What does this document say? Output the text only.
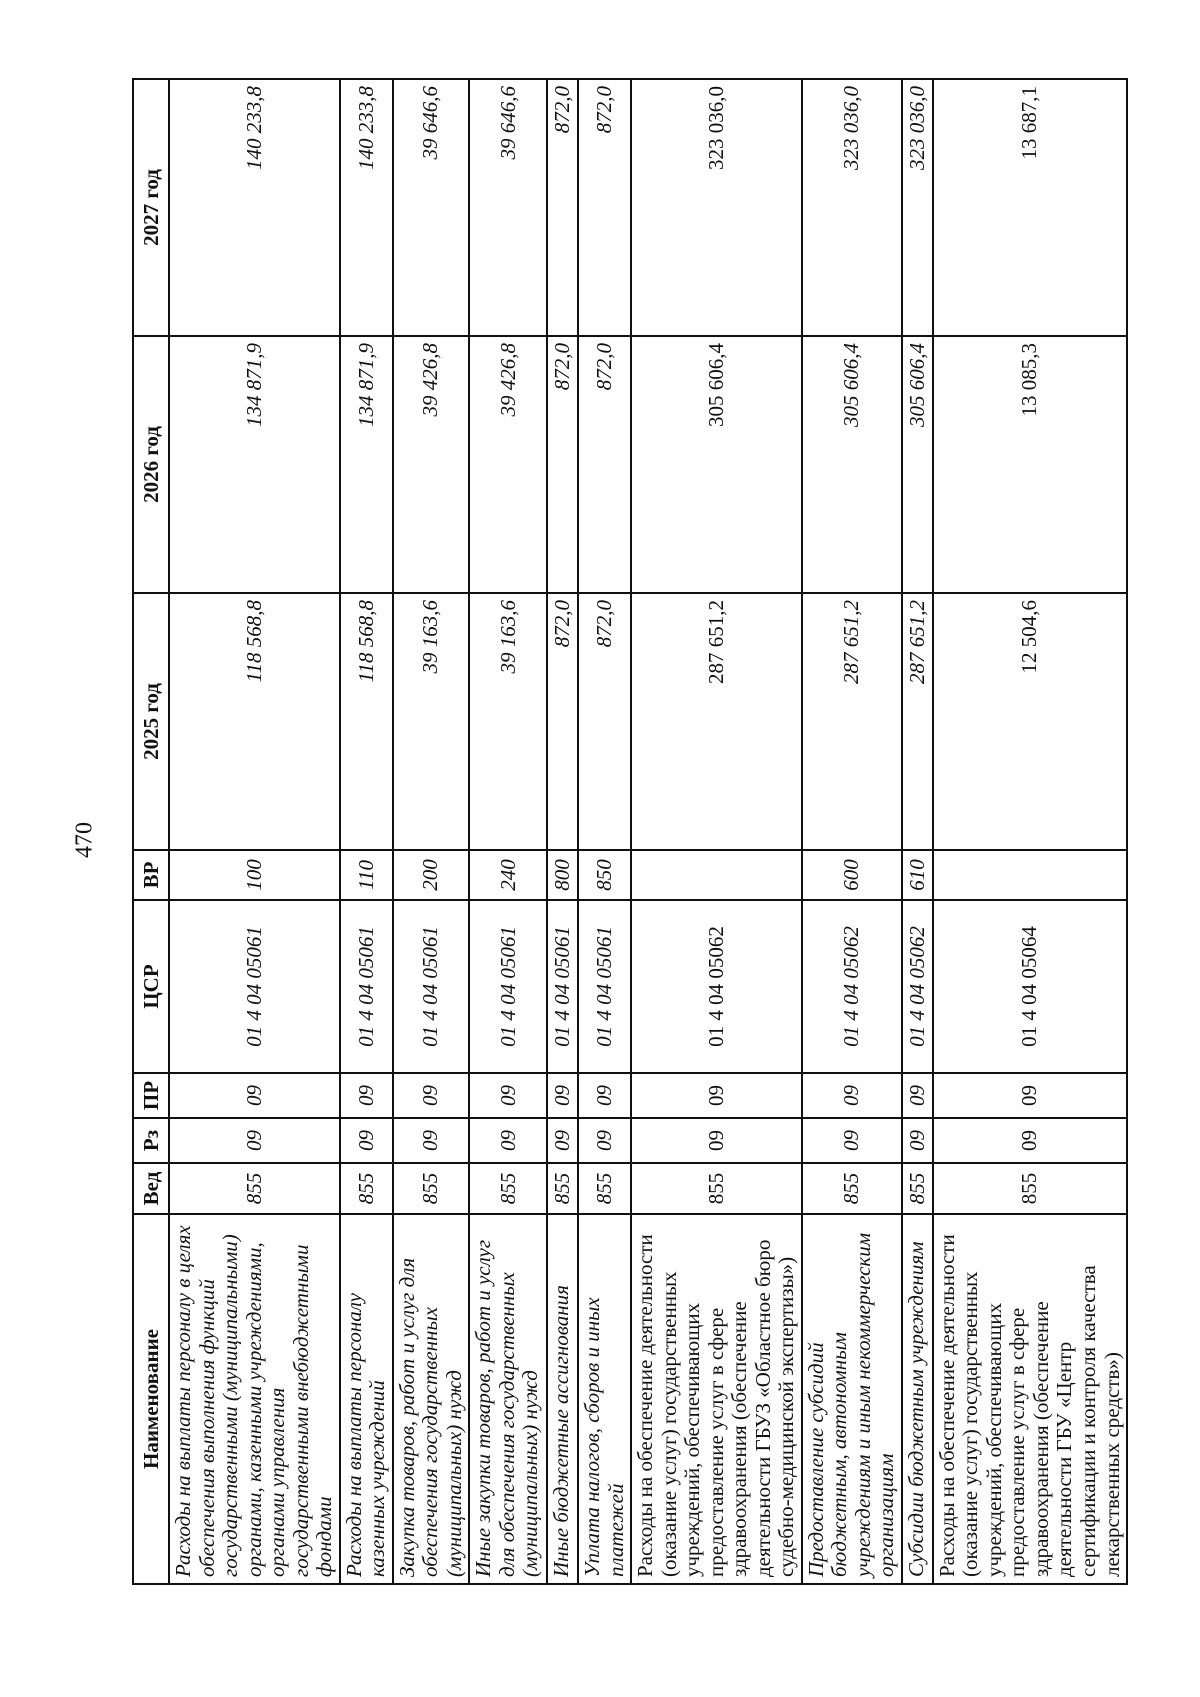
470
Наименование	Вед	Рз	ПР	ЦСР	ВР	2025 год	2026 год	2027 год
Расходы на выплаты персоналу в целях обеспечения выполнения функций государственными (муниципальными) органами, казенными учреждениями, органами управления государственными внебюджетными фондами	855	09	09	01 4 04 05061	100	118 568,8	134 871,9	140 233,8
Расходы на выплаты персоналу казенных учреждений	855	09	09	01 4 04 05061	110	118 568,8	134 871,9	140 233,8
Закупка товаров, работ и услуг для обеспечения государственных (муниципальных) нужд	855	09	09	01 4 04 05061	200	39 163,6	39 426,8	39 646,6
Иные закупки товаров, работ и услуг для обеспечения государственных (муниципальных) нужд	855	09	09	01 4 04 05061	240	39 163,6	39 426,8	39 646,6
Иные бюджетные ассигнования	855	09	09	01 4 04 05061	800	872,0	872,0	872,0
Уплата налогов, сборов и иных платежей	855	09	09	01 4 04 05061	850	872,0	872,0	872,0
Расходы на обеспечение деятельности (оказание услуг) государственных учреждений, обеспечивающих предоставление услуг в сфере здравоохранения (обеспечение деятельности ГБУЗ «Областное бюро судебно-медицинской экспертизы»)	855	09	09	01 4 04 05062		287 651,2	305 606,4	323 036,0
Предоставление субсидий бюджетным, автономным учреждениям и иным некоммерческим организациям	855	09	09	01 4 04 05062	600	287 651,2	305 606,4	323 036,0
Субсидии бюджетным учреждениям	855	09	09	01 4 04 05062	610	287 651,2	305 606,4	323 036,0
Расходы на обеспечение деятельности (оказание услуг) государственных учреждений, обеспечивающих предоставление услуг в сфере здравоохранения (обеспечение деятельности ГБУ «Центр сертификации и контроля качества лекарственных средств»)	855	09	09	01 4 04 05064		12 504,6	13 085,3	13 687,1
